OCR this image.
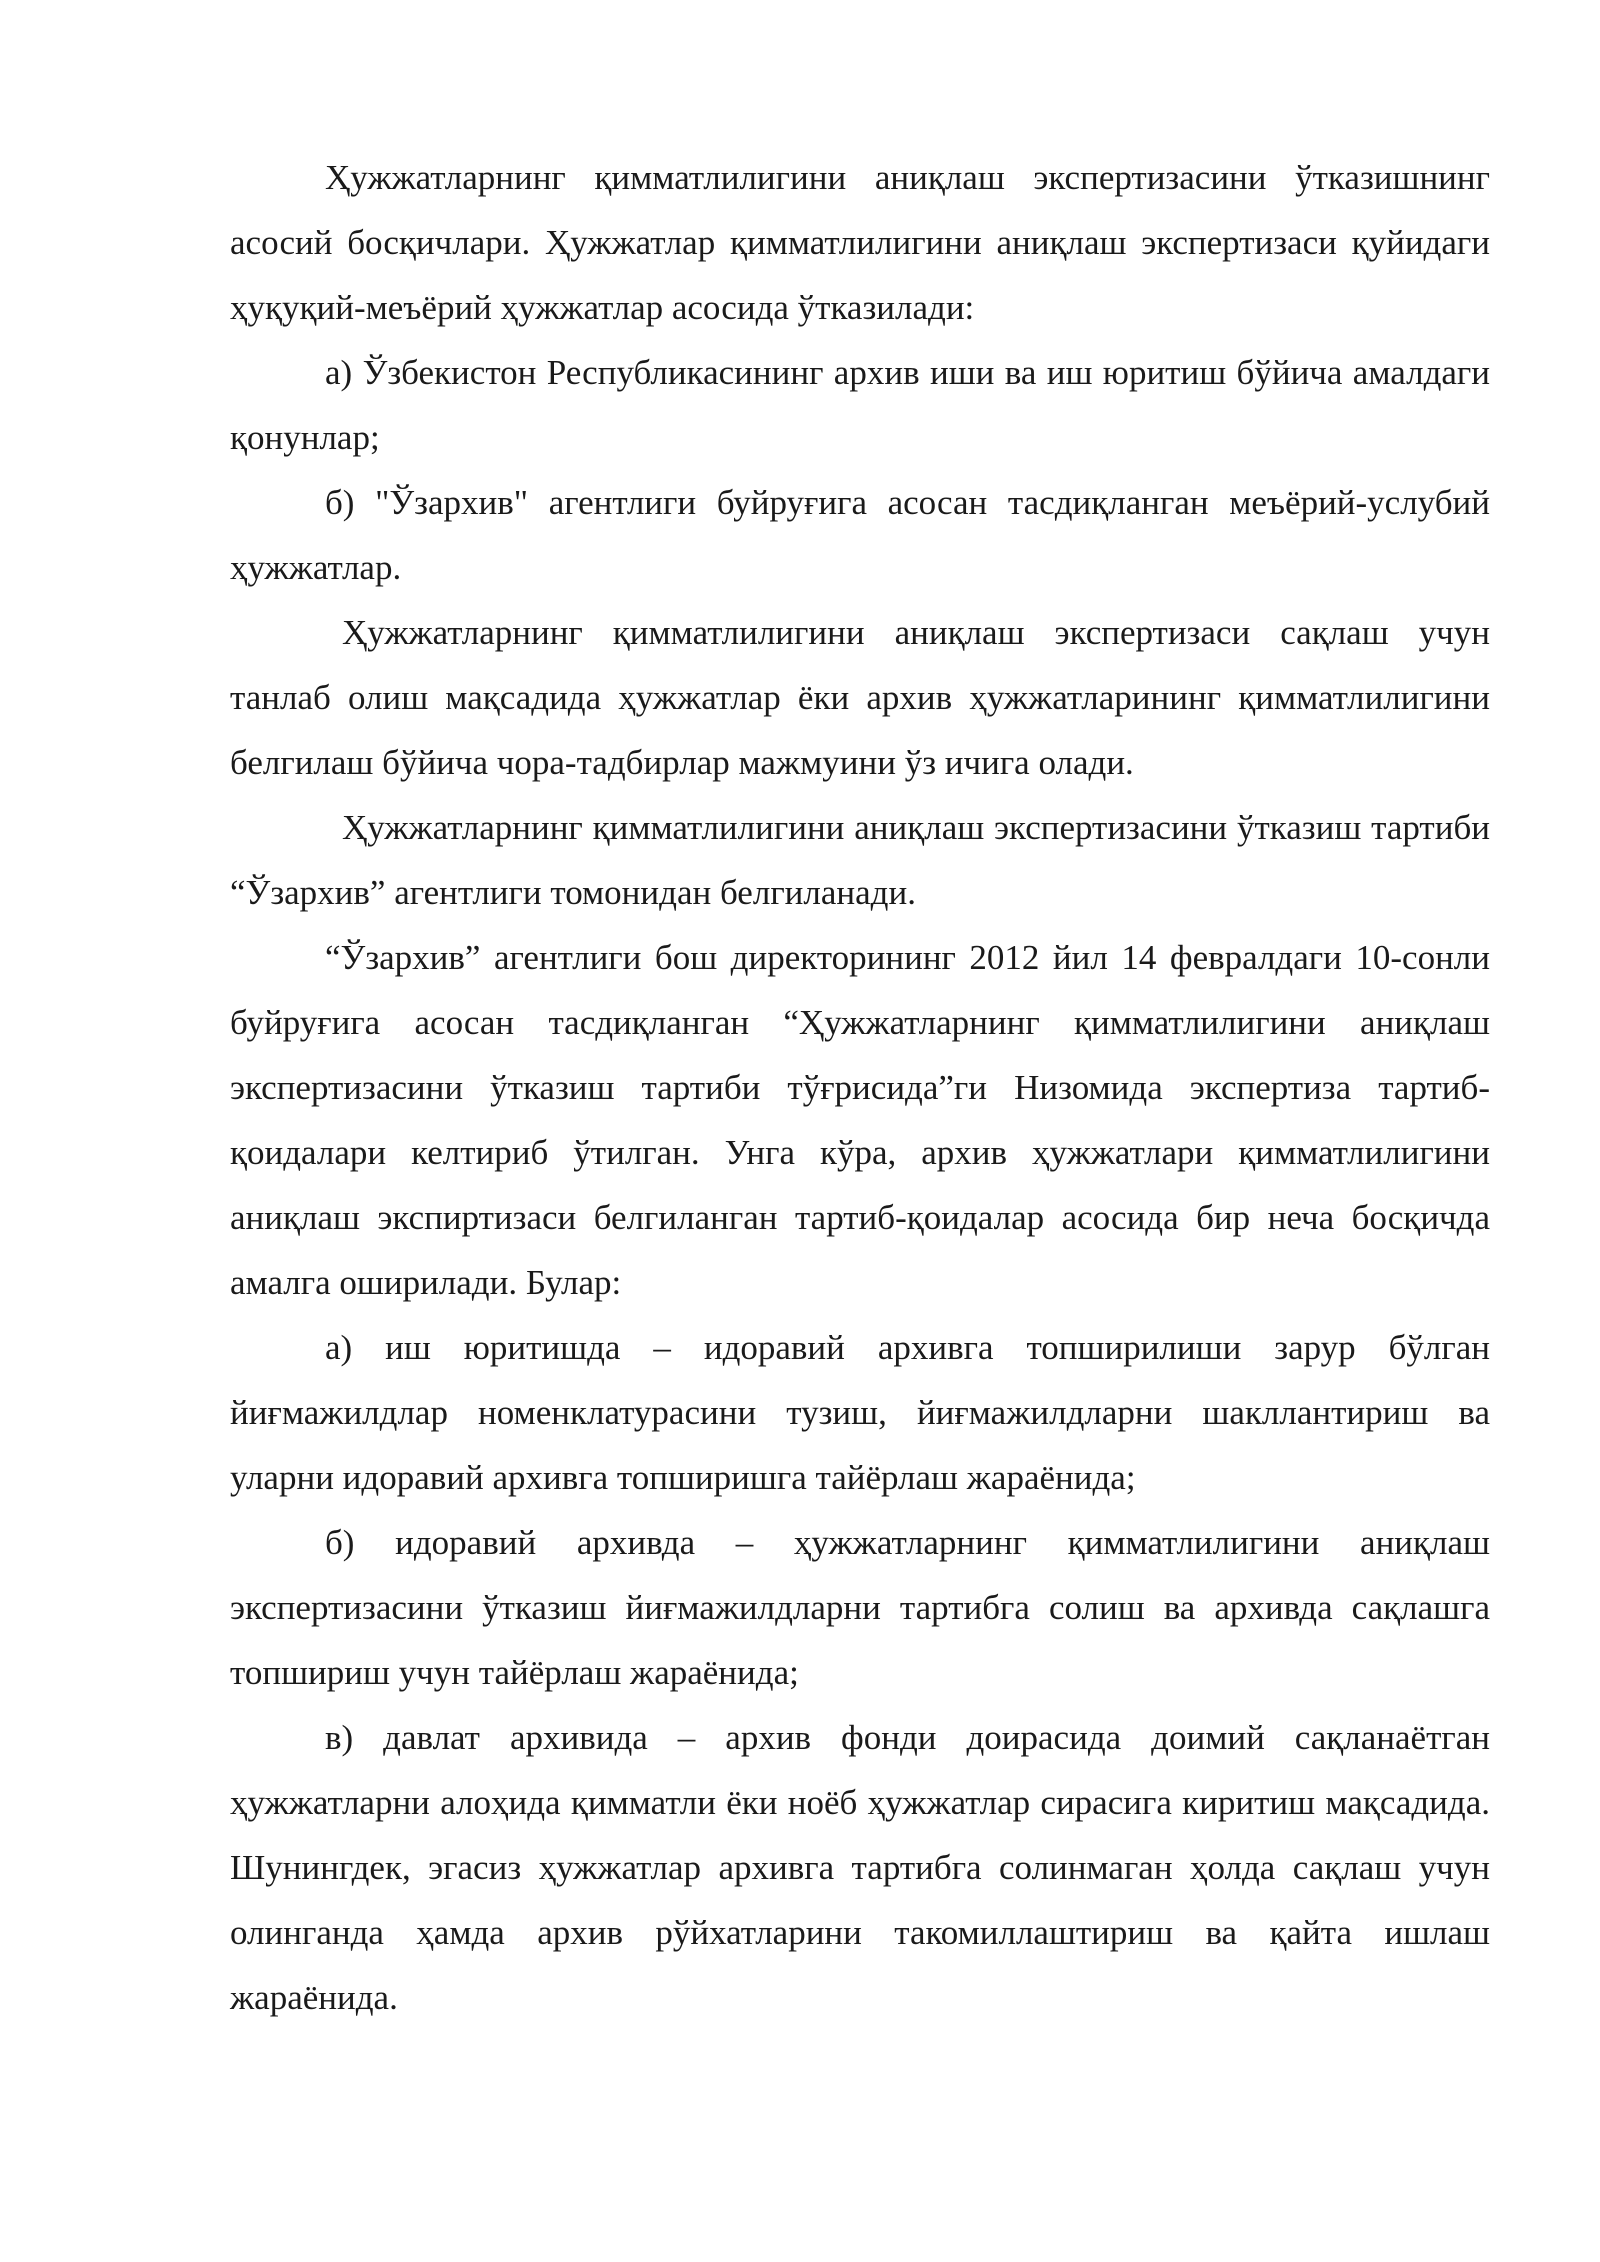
Ҳужжатларнинг қимматлилигини аниқлаш экспертизасини ўтказишнинг асосий босқичлари. Ҳужжатлар қимматлилигини аниқлаш экспертизаси қуйидаги ҳуқуқий-меъёрий ҳужжатлар асосида ўтказилади:

а) Ўзбекистон Республикасининг архив иши ва иш юритиш бўйича амалдаги қонунлар;

б) "Ўзархив" агентлиги буйруғига асосан тасдиқланган меъёрий-услубий ҳужжатлар.

Ҳужжатларнинг қимматлилигини аниқлаш экспертизаси сақлаш учун танлаб олиш мақсадида ҳужжатлар ёки архив ҳужжатларининг қимматлилигини белгилаш бўйича чора-тадбирлар мажмуини ўз ичига олади.

Ҳужжатларнинг қимматлилигини аниқлаш экспертизасини ўтказиш тартиби “Ўзархив” агентлиги томонидан белгиланади.

“Ўзархив” агентлиги бош директорининг 2012 йил 14 февралдаги 10-сонли буйруғига асосан тасдиқланган “Ҳужжатларнинг қимматлилигини аниқлаш экспертизасини ўтказиш тартиби тўғрисида”ги Низомида экспертиза тартиб-қоидалари келтириб ўтилган. Унга кўра, архив ҳужжатлари қимматлилигини аниқлаш экспиртизаси белгиланган тартиб-қоидалар асосида бир неча босқичда амалга оширилади. Булар:

а) иш юритишда – идоравий архивга топширилиши зарур бўлган йиғмажилдлар номенклатурасини тузиш, йиғмажилдларни шакллантириш ва уларни идоравий архивга топширишга тайёрлаш жараёнида;

б) идоравий архивда – ҳужжатларнинг қимматлилигини аниқлаш экспертизасини ўтказиш йиғмажилдларни тартибга солиш ва архивда сақлашга топшириш учун тайёрлаш жараёнида;

в) давлат архивида – архив фонди доирасида доимий сақланаётган ҳужжатларни алоҳида қимматли ёки ноёб ҳужжатлар сирасига киритиш мақсадида. Шунингдек, эгасиз ҳужжатлар архивга тартибга солинмаган ҳолда сақлаш учун олинганда ҳамда архив рўйхатларини такомиллаштириш ва қайта ишлаш жараёнида.
